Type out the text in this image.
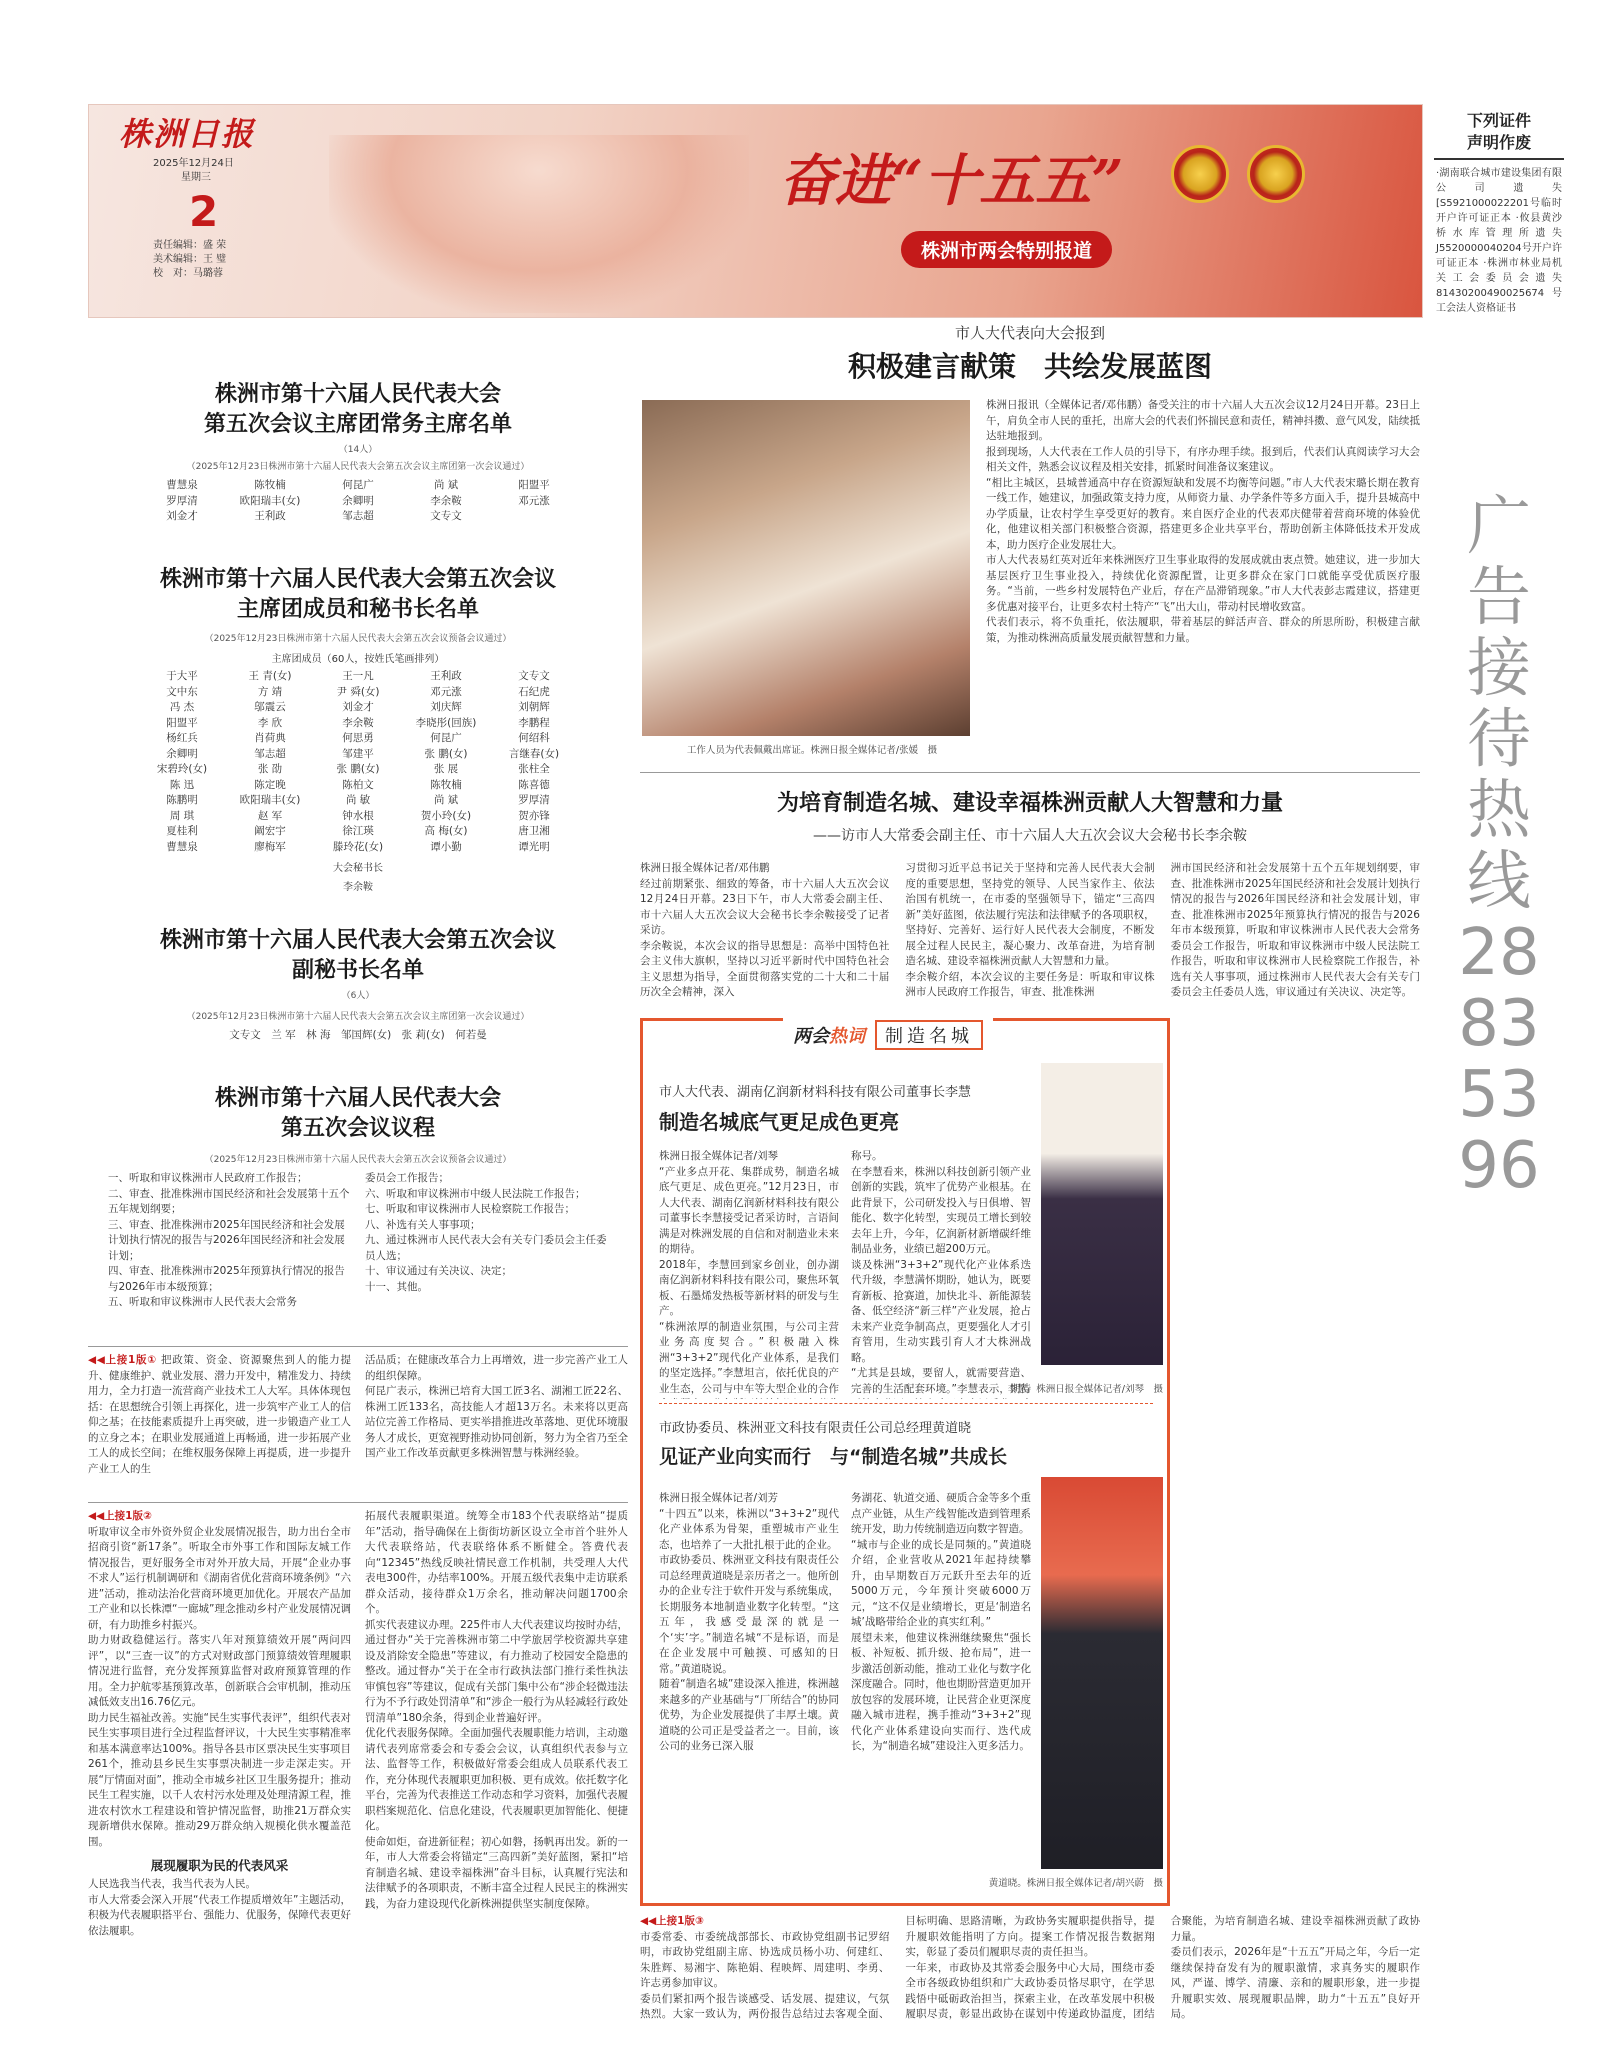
株洲日报
2025年12月24日
星期三
2
责任编辑：盛 荣
美术编辑：王 璧
校　对：马璐蓉
奋进“十五五”
株洲市两会特别报道
下列证件
声明作废
·湖南联合城市建设集团有限公司遗失[S5921000022201号临时开户许可证正本 ·攸县黄沙桥水库管理所遗失J5520000040204号开户许可证正本 ·株洲市林业局机关工会委员会遗失81430200490025674号工会法人资格证书
广告接待热线28835396
株洲市第十六届人民代表大会
第五次会议主席团常务主席名单
（14人）
（2025年12月23日株洲市第十六届人民代表大会第五次会议主席团第一次会议通过）
曹慧泉	陈牧楠	何昆广	尚 斌	阳盟平
罗厚清	欧阳瑞丰(女)	余卿明	李余鞍	邓元涨
刘金才	王利政	邹志超	文专文
株洲市第十六届人民代表大会第五次会议
主席团成员和秘书长名单
（2025年12月23日株洲市第十六届人民代表大会第五次会议预备会议通过）
主席团成员（60人，按姓氏笔画排列）
于大平	王 青(女)	王一凡	王利政	文专文
文中东	方 靖	尹 舜(女)	邓元涨	石纪虎
冯 杰	邬震云	刘金才	刘庆辉	刘朝辉
阳盟平	李 欣	李余鞍	李晓彤(回族)	李鹏程
杨红兵	肖荷典	何思勇	何昆广	何绍科
余卿明	邹志超	邹建平	张 鹏(女)	言继春(女)
宋碧玲(女)	张 劭	张 鹏(女)	张 展	张柱全
陈 迅	陈定晚	陈柏文	陈牧楠	陈喜德
陈鹏明	欧阳瑞丰(女)	尚 敏	尚 斌	罗厚清
周 琪	赵 军	钟水根	贺小玲(女)	贺亦锋
夏桂利	阚宏宇	徐江瑛	高 梅(女)	唐卫湘
曹慧泉	廖梅军	滕玲花(女)	谭小勤	谭光明
大会秘书长
李余鞍
株洲市第十六届人民代表大会第五次会议
副秘书长名单
（6人）
（2025年12月23日株洲市第十六届人民代表大会第五次会议主席团第一次会议通过）
文专文　兰 军　林 海　邹国辉(女)　张 莉(女)　何若曼
株洲市第十六届人民代表大会
第五次会议议程
（2025年12月23日株洲市第十六届人民代表大会第五次会议预备会议通过）
一、听取和审议株洲市人民政府工作报告；
二、审查、批准株洲市国民经济和社会发展第十五个五年规划纲要；
三、审查、批准株洲市2025年国民经济和社会发展计划执行情况的报告与2026年国民经济和社会发展计划；
四、审查、批准株洲市2025年预算执行情况的报告与2026年市本级预算；
五、听取和审议株洲市人民代表大会常务
委员会工作报告；
六、听取和审议株洲市中级人民法院工作报告；
七、听取和审议株洲市人民检察院工作报告；
八、补选有关人事事项；
九、通过株洲市人民代表大会有关专门委员会主任委员人选；
十、审议通过有关决议、决定；
十一、其他。
◀◀上接1版① 把政策、资金、资源聚焦到人的能力提升、健康维护、就业发展、潜力开发中，精准发力、持续用力，全力打造一流营商产业技术工人大军。具体体现包括：在思想统合引领上再探化，进一步筑牢产业工人的信仰之基；在技能素质提升上再突破，进一步锻造产业工人的立身之本；在职业发展通道上再畅通，进一步拓展产业工人的成长空间；在维权服务保障上再提质，进一步提升产业工人的生
活品质；在健康改革合力上再增效，进一步完善产业工人的组织保障。
何昆广表示，株洲已培育大国工匠3名、湖湘工匠22名、株洲工匠133名，高技能人才超13万名。未来将以更高站位完善工作格局、更实举措推进改革落地、更优环境服务人才成长，更宽视野推动协同创新，努力为全省乃至全国产业工作改革贡献更多株洲智慧与株洲经验。
◀◀上接1版②
听取审议全市外资外贸企业发展情况报告，助力出台全市招商引资“新17条”。听取全市外事工作和国际友城工作情况报告，更好服务全市对外开放大局，开展“企业办事不求人”运行机制调研和《湖南省优化营商环境条例》“六进”活动，推动法治化营商环境更加优化。开展农产品加工产业和以长株潭“一廊城”理念推动乡村产业发展情况调研，有力助推乡村振兴。
助力财政稳健运行。落实八年对预算绩效开展“两问四评”，以“三查一议”的方式对财政部门预算绩效管理履职情况进行监督，充分发挥预算监督对政府预算管理的作用。全力护航零基预算改革，创新联合会审机制，推动压减低效支出16.76亿元。
助力民生福祉改善。实施“民生实事代表评”，组织代表对民生实事项目进行全过程监督评议，十大民生实事精准率和基本满意率达100%。指导各县市区票决民生实事项目261个，推动县乡民生实事票决制进一步走深走实。开展“厅情面对面”，推动全市城乡社区卫生服务提升；推动民生工程实施，以千人农村污水处理及处理清源工程，推进农村饮水工程建设和管护情况监督，助推21万群众实现新增供水保障。推动29万群众纳入规模化供水覆盖范围。
展现履职为民的代表风采
人民选我当代表，我当代表为人民。
市人大常委会深入开展“代表工作提质增效年”主题活动，积极为代表履职搭平台、强能力、优服务，保障代表更好依法履职。
拓展代表履职渠道。统筹全市183个代表联络站“提质年”活动，指导确保在上街街坊新区设立全市首个驻外人大代表联络站，代表联络体系不断健全。答费代表向“12345”热线反映社情民意工作机制，共受理人大代表电300件，办结率100%。开展五级代表集中走访联系群众活动，接待群众1万余名，推动解决问题1700余个。
抓实代表建议办理。225件市人大代表建议均按时办结，通过督办“关于完善株洲市第二中学旅居学校资源共享建设及消除安全隐患”等建议，有力推动了校园安全隐患的整改。通过督办“关于在全市行政执法部门推行柔性执法审慎包容”等建议，促成有关部门集中公布“涉企轻微违法行为不予行政处罚清单”和“涉企一般行为从轻减轻行政处罚清单”180余条，得到企业普遍好评。
优化代表服务保障。全面加强代表履职能力培训，主动邀请代表列席常委会和专委会会议，认真组织代表参与立法、监督等工作，积极做好常委会组成人员联系代表工作，充分体现代表履职更加积极、更有成效。依托数字化平台，完善为代表推送工作动态和学习资料，加强代表履职档案规范化、信息化建设，代表履职更加智能化、便捷化。
使命如炬，奋进新征程；初心如磐，扬帆再出发。新的一年，市人大常委会将锚定“三高四新”美好蓝图，紧扣“培育制造名城、建设幸福株洲”奋斗目标，认真履行宪法和法律赋予的各项职责，不断丰富全过程人民民主的株洲实践，为奋力建设现代化新株洲提供坚实制度保障。
市人大代表向大会报到
积极建言献策　共绘发展蓝图
工作人员为代表佩戴出席证。株洲日报全媒体记者/张媛　摄
株洲日报讯（全媒体记者/邓伟鹏）备受关注的市十六届人大五次会议12月24日开幕。23日上午，肩负全市人民的重托，出席大会的代表们怀揣民意和责任，精神抖擞、意气风发，陆续抵达驻地报到。
报到现场，人大代表在工作人员的引导下，有序办理手续。报到后，代表们认真阅读学习大会相关文件，熟悉会议议程及相关安排，抓紧时间准备议案建议。
“相比主城区，县城普通高中存在资源短缺和发展不均衡等问题。”市人大代表宋璐长期在教育一线工作，她建议，加强政策支持力度，从师资力量、办学条件等多方面入手，提升县城高中办学质量，让农村学生享受更好的教育。来自医疗企业的代表邓庆健带着营商环境的体验优化，他建议相关部门积极整合资源，搭建更多企业共享平台，帮助创新主体降低技术开发成本，助力医疗企业发展壮大。
市人大代表易红英对近年来株洲医疗卫生事业取得的发展成就由衷点赞。她建议，进一步加大基层医疗卫生事业投入，持续优化资源配置，让更多群众在家门口就能享受优质医疗服务。“当前，一些乡村发展特色产业后，存在产品滞销现象。”市人大代表彭志霞建议，搭建更多优惠对接平台，让更多农村土特产“飞”出大山，带动村民增收致富。
代表们表示，将不负重托，依法履职，带着基层的鲜活声音、群众的所思所盼，积极建言献策，为推动株洲高质量发展贡献智慧和力量。
为培育制造名城、建设幸福株洲贡献人大智慧和力量
——访市人大常委会副主任、市十六届人大五次会议大会秘书长李余鞍
株洲日报全媒体记者/邓伟鹏
经过前期紧张、细致的筹备，市十六届人大五次会议12月24日开幕。23日下午，市人大常委会副主任、市十六届人大五次会议大会秘书长李余鞍接受了记者采访。
李余鞍说，本次会议的指导思想是：高举中国特色社会主义伟大旗帜，坚持以习近平新时代中国特色社会主义思想为指导，全面贯彻落实党的二十大和二十届历次全会精神，深入
习贯彻习近平总书记关于坚持和完善人民代表大会制度的重要思想，坚持党的领导、人民当家作主、依法治国有机统一，在市委的坚强领导下，锚定“三高四新”美好蓝图，依法履行宪法和法律赋予的各项职权，坚持好、完善好、运行好人民代表大会制度，不断发展全过程人民民主，凝心聚力、改革奋进，为培育制造名城、建设幸福株洲贡献人大智慧和力量。
李余鞍介绍，本次会议的主要任务是：听取和审议株洲市人民政府工作报告，审查、批准株洲
洲市国民经济和社会发展第十五个五年规划纲要，审查、批准株洲市2025年国民经济和社会发展计划执行情况的报告与2026年国民经济和社会发展计划，审查、批准株洲市2025年预算执行情况的报告与2026年市本级预算，听取和审议株洲市人民代表大会常务委员会工作报告，听取和审议株洲市中级人民法院工作报告，听取和审议株洲市人民检察院工作报告，补选有关人事事项，通过株洲市人民代表大会有关专门委员会主任委员人选，审议通过有关决议、决定等。
两会 热词	制造名城
市人大代表、湖南亿润新材料科技有限公司董事长李慧
制造名城底气更足成色更亮
株洲日报全媒体记者/刘琴
“产业多点开花、集群成势，制造名城底气更足、成色更亮。”12月23日，市人大代表、湖南亿润新材料科技有限公司董事长李慧接受记者采访时，言语间满是对株洲发展的自信和对制造业未来的期待。
2018年，李慧回到家乡创业，创办湖南亿润新材料科技有限公司，聚焦环氧板、石墨烯发热板等新材料的研发与生产。
“株洲浓厚的制造业氛围，与公司主营业务高度契合。”积极融入株洲“3+3+2”现代化产业体系，是我们的坚定选择。”李慧坦言，依托优良的产业生态，公司与中车等大型企业的合作
称号。
在李慧看来，株洲以科技创新引领产业创新的实践，筑牢了优势产业根基。在此背景下，公司研发投入与日俱增、智能化、数字化转型，实现员工增长到较去年上升，今年，亿润新材新增碳纤维制品业务，业绩已超200万元。
谈及株洲“3+3+2”现代化产业体系迭代升级，李慧满怀期盼，她认为，既要育新板、抢赛道，加快北斗、新能源装备、低空经济“新三样”产业发展，抢占未来产业竞争制高点，更要强化人才引育管用，生动实践引育人才大株洲战略。
“尤其是县域，要留人，就需要营造、完善的生活配套环境。”李慧表示，期待
李慧。株洲日报全媒体记者/刘琴　摄
市政协委员、株洲亚文科技有限责任公司总经理黄道晓
见证产业向实而行　与“制造名城”共成长
株洲日报全媒体记者/刘芳
“十四五”以来，株洲以“3+3+2”现代化产业体系为骨架，重塑城市产业生态，也培养了一大批扎根于此的企业。
市政协委员、株洲亚文科技有限责任公司总经理黄道晓是亲历者之一。他所创办的企业专注于软件开发与系统集成，长期服务本地制造业数字化转型。“这五年，我感受最深的就是一个‘实’字。”制造名城“不是标语，而是在企业发展中可触摸、可感知的日常。”黄道晓说。
随着“制造名城”建设深入推进，株洲越来越多的产业基础与“厂所结合”的协同优势，为企业发展提供了丰厚土壤。黄道晓的公司正是受益者之一。目前，该公司的业务已深入服
务湖花、轨道交通、硬质合金等多个重点产业链，从生产线智能改造到管理系统开发，助力传统制造迈向数字智造。
“城市与企业的成长是同频的。”黄道晓介绍，企业营收从2021年起持续攀升，由早期数百万元跃升至去年的近5000万元，今年预计突破6000万元，“这不仅是业绩增长，更是‘制造名城’战略带给企业的真实红利。”
展望未来，他建议株洲继续聚焦“强长板、补短板、抓升级、抢布局”，进一步激活创新动能，推动工业化与数字化深度融合。同时，他也期盼营造更加开放包容的发展环境，让民营企业更深度融入城市进程，携手推动“3+3+2”现代化产业体系建设向实而行、迭代成长，为“制造名城”建设注入更多活力。
黄道晓。株洲日报全媒体记者/胡兴蔚　摄
◀◀上接1版③
市委常委、市委统战部部长、市政协党组副书记罗绍明，市政协党组副主席、协选成员杨小功、何建红、朱胜辉、易湘宇、陈艳娟、程映辉、周建明、李勇、许志勇参加审议。
委员们紧扣两个报告谈感受、话发展、提建议，气氛热烈。大家一致认为，两份报告总结过去客观全面、
目标明确、思路清晰，为政协务实履职提供指导，提升履职效能指明了方向。提案工作情况报告数据翔实，彰显了委员们履职尽责的责任担当。
一年来，市政协及其常委会服务中心大局，围绕市委全市各级政协组织和广大政协委员恪尽职守，在学思践悟中砥砺政治担当，探索主业，在改革发展中积极履职尽责，彰显出政协在谋划中传递政协温度，团结
合聚能，为培育制造名城、建设幸福株洲贡献了政协力量。
委员们表示，2026年是“十五五”开局之年，今后一定继续保持奋发有为的履职激情，求真务实的履职作风，严谨、博学、清廉、亲和的履职形象，进一步提升履职实效、展现履职品牌，助力“十五五”良好开局。
